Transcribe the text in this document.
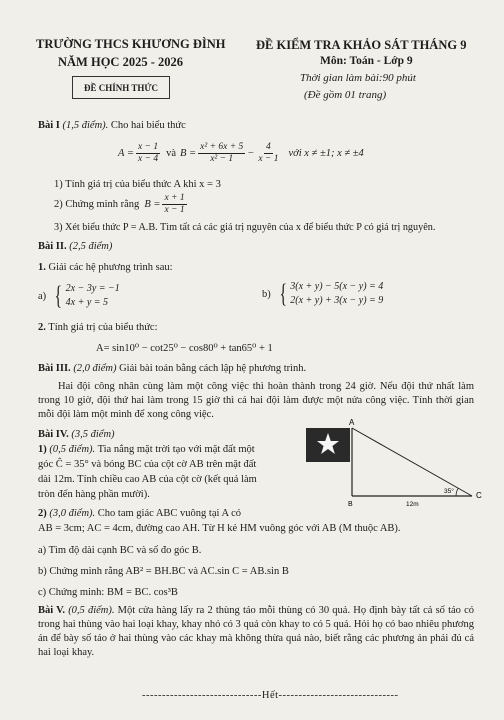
TRƯỜNG THCS KHƯƠNG ĐÌNH
NĂM HỌC 2025 - 2026
ĐỀ CHÍNH THỨC
ĐỀ KIỂM TRA KHẢO SÁT THÁNG 9
Môn: Toán - Lớp 9
Thời gian làm bài:90 phút
(Đề gồm 01 trang)
Bài I (1,5 điểm). Cho hai biểu thức
$A = \frac{x - 1}{x - 4}$ và $B = \frac{\text{x² + 6x + 5}}{\text{x² − 1}} - \frac{4}{x - 1}$ với x ≠ ±1; x ≠ ±4
1) Tính giá trị của biểu thức A khi x = 3
2) Chứng minh rằng $B = \frac{x + 1}{x - 1}$
3) Xét biểu thức P = A.B. Tìm tất cả các giá trị nguyên của x để biểu thức P có giá trị nguyên.
Bài II. (2,5 điểm)
1. Giải các hệ phương trình sau:
a) { 2x − 3y = −1
4x + y = 5
b) { 3(x + y) − 5(x − y) = 4
2(x + y) + 3(x − y) = 9
2. Tính giá trị của biểu thức:
A= sin10⁰ − cot25⁰ − cos80⁰ + tan65⁰ + 1
Bài III. (2,0 điểm) Giải bài toán bằng cách lập hệ phương trình.
Hai đội công nhân cùng làm một công việc thì hoàn thành trong 24 giờ. Nếu đội thứ nhất làm trong 10 giờ, đội thứ hai làm trong 15 giờ thì cả hai đội làm được một nửa công việc. Tính thời gian mỗi đội làm một mình để xong công việc.
Bài IV. (3,5 điểm)
1) (0,5 điểm). Tia nắng mặt trời tạo với mặt đất một
góc Ĉ = 35° và bóng BC của cột cờ AB trên mặt đất
dài 12m. Tính chiều cao AB của cột cờ (kết quả làm
tròn đến hàng phần mười).
A
B
C
35°
12m
2) (3,0 điểm). Cho tam giác ABC vuông tại A có
AB = 3cm; AC = 4cm, đường cao AH. Từ H kẻ HM vuông góc với AB (M thuộc AB).
a) Tìm độ dài cạnh BC và số đo góc B.
b) Chứng minh rằng AB² = BH.BC và AC.sin C = AB.sin B
c) Chứng minh: BM = BC. cos³B
Bài V. (0,5 điểm). Một cửa hàng lấy ra 2 thùng táo mỗi thùng có 30 quả. Họ định bày tất cả số táo có trong hai thùng vào hai loại khay, khay nhỏ có 3 quả còn khay to có 5 quả. Hỏi họ có bao nhiêu phương án để bày số táo ở hai thùng vào các khay mà không thừa quả nào, biết rằng các phương án phải đủ cả hai loại khay.
------------------------------Hết------------------------------
